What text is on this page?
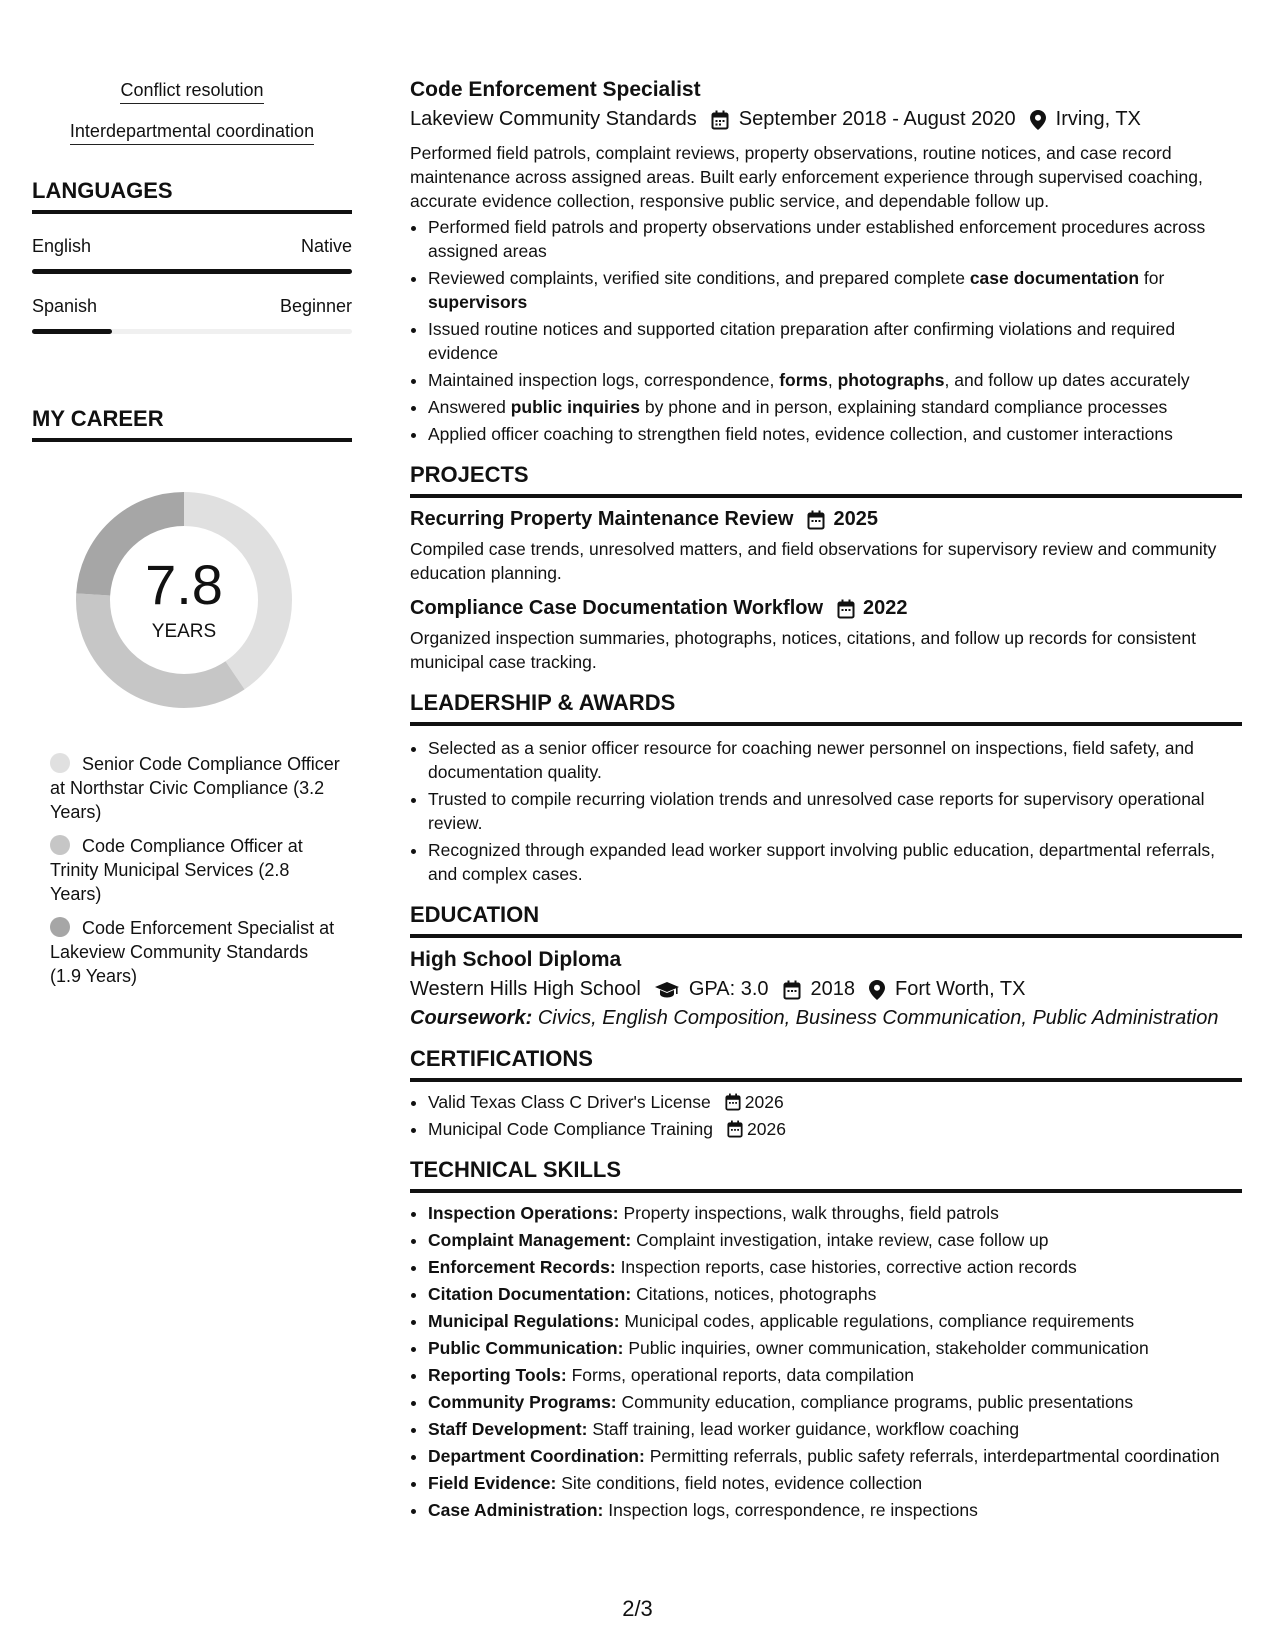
Conflict resolution
Interdepartmental coordination
LANGUAGES
English	Native
Spanish	Beginner
MY CAREER
7.8
YEARS
Senior Code Compliance Officer at Northstar Civic Compliance (3.2 Years)
Code Compliance Officer at Trinity Municipal Services (2.8 Years)
Code Enforcement Specialist at Lakeview Community Standards (1.9 Years)
Code Enforcement Specialist
Lakeview Community Standards September 2018 - August 2020 Irving, TX
Performed field patrols, complaint reviews, property observations, routine notices, and case record maintenance across assigned areas. Built early enforcement experience through supervised coaching, accurate evidence collection, responsive public service, and dependable follow up.
• Performed field patrols and property observations under established enforcement procedures across assigned areas
• Reviewed complaints, verified site conditions, and prepared complete case documentation for supervisors
• Issued routine notices and supported citation preparation after confirming violations and required evidence
• Maintained inspection logs, correspondence, forms, photographs, and follow up dates accurately
• Answered public inquiries by phone and in person, explaining standard compliance processes
• Applied officer coaching to strengthen field notes, evidence collection, and customer interactions
PROJECTS
Recurring Property Maintenance Review 2025
Compiled case trends, unresolved matters, and field observations for supervisory review and community education planning.
Compliance Case Documentation Workflow 2022
Organized inspection summaries, photographs, notices, citations, and follow up records for consistent municipal case tracking.
LEADERSHIP & AWARDS
• Selected as a senior officer resource for coaching newer personnel on inspections, field safety, and documentation quality.
• Trusted to compile recurring violation trends and unresolved case reports for supervisory operational review.
• Recognized through expanded lead worker support involving public education, departmental referrals, and complex cases.
EDUCATION
High School Diploma
Western Hills High School GPA: 3.0 2018 Fort Worth, TX
Coursework: Civics, English Composition, Business Communication, Public Administration
CERTIFICATIONS
• Valid Texas Class C Driver's License 2026
• Municipal Code Compliance Training 2026
TECHNICAL SKILLS
• Inspection Operations: Property inspections, walk throughs, field patrols
• Complaint Management: Complaint investigation, intake review, case follow up
• Enforcement Records: Inspection reports, case histories, corrective action records
• Citation Documentation: Citations, notices, photographs
• Municipal Regulations: Municipal codes, applicable regulations, compliance requirements
• Public Communication: Public inquiries, owner communication, stakeholder communication
• Reporting Tools: Forms, operational reports, data compilation
• Community Programs: Community education, compliance programs, public presentations
• Staff Development: Staff training, lead worker guidance, workflow coaching
• Department Coordination: Permitting referrals, public safety referrals, interdepartmental coordination
• Field Evidence: Site conditions, field notes, evidence collection
• Case Administration: Inspection logs, correspondence, re inspections
2/3
